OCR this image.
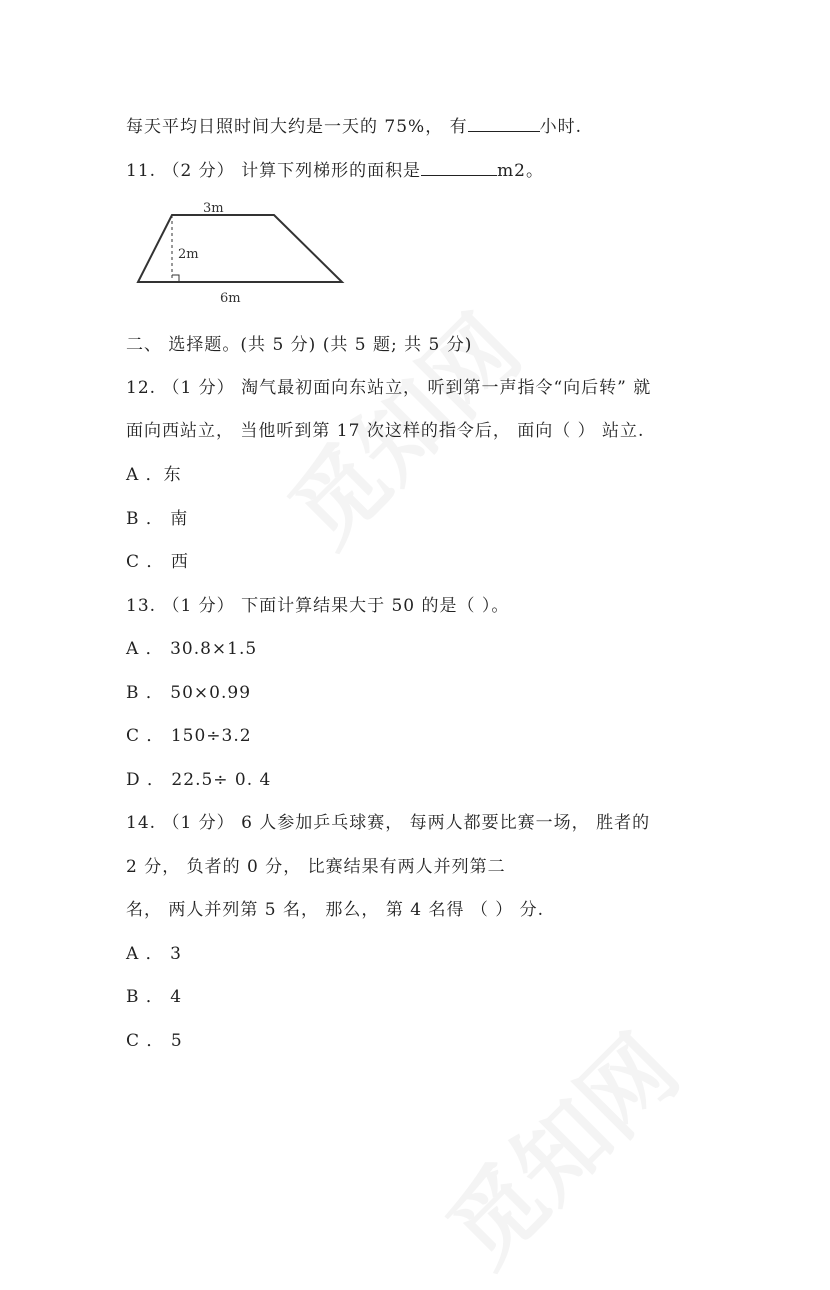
每天平均日照时间大约是一天的 75%， 有	小时.
11. （2 分） 计算下列梯形的面积是	m2。
3m
2m
6m
二、 选择题。(共 5 分) (共 5 题; 共 5 分)
12. （1 分） 淘气最初面向东站立， 听到第一声指令“向后转” 就
面向西站立， 当他听到第 17 次这样的指令后， 面向（ ） 站立.
A ．东
B ． 南
C ． 西
13. （1 分） 下面计算结果大于 50 的是（ ）。
A ． 30.8×1.5
B ． 50×0.99
C ． 150÷3.2
D ． 22.5÷ 0. 4
14. （1 分） 6 人参加乒乓球赛， 每两人都要比赛一场， 胜者的
2 分， 负者的 0 分， 比赛结果有两人并列第二
名， 两人并列第 5 名， 那么， 第 4 名得 （ ） 分.
A ． 3
B ． 4
C ． 5
